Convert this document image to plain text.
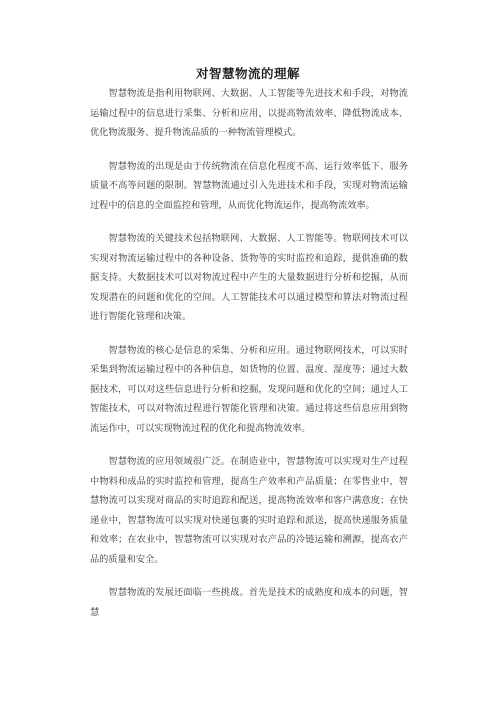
对智慧物流的理解

智慧物流是指利用物联网、大数据、人工智能等先进技术和手段，对物流运输过程中的信息进行采集、分析和应用，以提高物流效率、降低物流成本、优化物流服务、提升物流品质的一种物流管理模式。

智慧物流的出现是由于传统物流在信息化程度不高、运行效率低下、服务质量不高等问题的限制。智慧物流通过引入先进技术和手段，实现对物流运输过程中的信息的全面监控和管理，从而优化物流运作，提高物流效率。

智慧物流的关键技术包括物联网、大数据、人工智能等。物联网技术可以实现对物流运输过程中的各种设备、货物等的实时监控和追踪，提供准确的数据支持。大数据技术可以对物流过程中产生的大量数据进行分析和挖掘，从而发现潜在的问题和优化的空间。人工智能技术可以通过模型和算法对物流过程进行智能化管理和决策。

智慧物流的核心是信息的采集、分析和应用。通过物联网技术，可以实时采集到物流运输过程中的各种信息，如货物的位置、温度、湿度等；通过大数据技术，可以对这些信息进行分析和挖掘，发现问题和优化的空间；通过人工智能技术，可以对物流过程进行智能化管理和决策。通过将这些信息应用到物流运作中，可以实现物流过程的优化和提高物流效率。

智慧物流的应用领域很广泛。在制造业中，智慧物流可以实现对生产过程中物料和成品的实时监控和管理，提高生产效率和产品质量；在零售业中，智慧物流可以实现对商品的实时追踪和配送，提高物流效率和客户满意度；在快递业中，智慧物流可以实现对快递包裹的实时追踪和派送，提高快递服务质量和效率；在农业中，智慧物流可以实现对农产品的冷链运输和溯源，提高农产品的质量和安全。

智慧物流的发展还面临一些挑战。首先是技术的成熟度和成本的问题，智慧
